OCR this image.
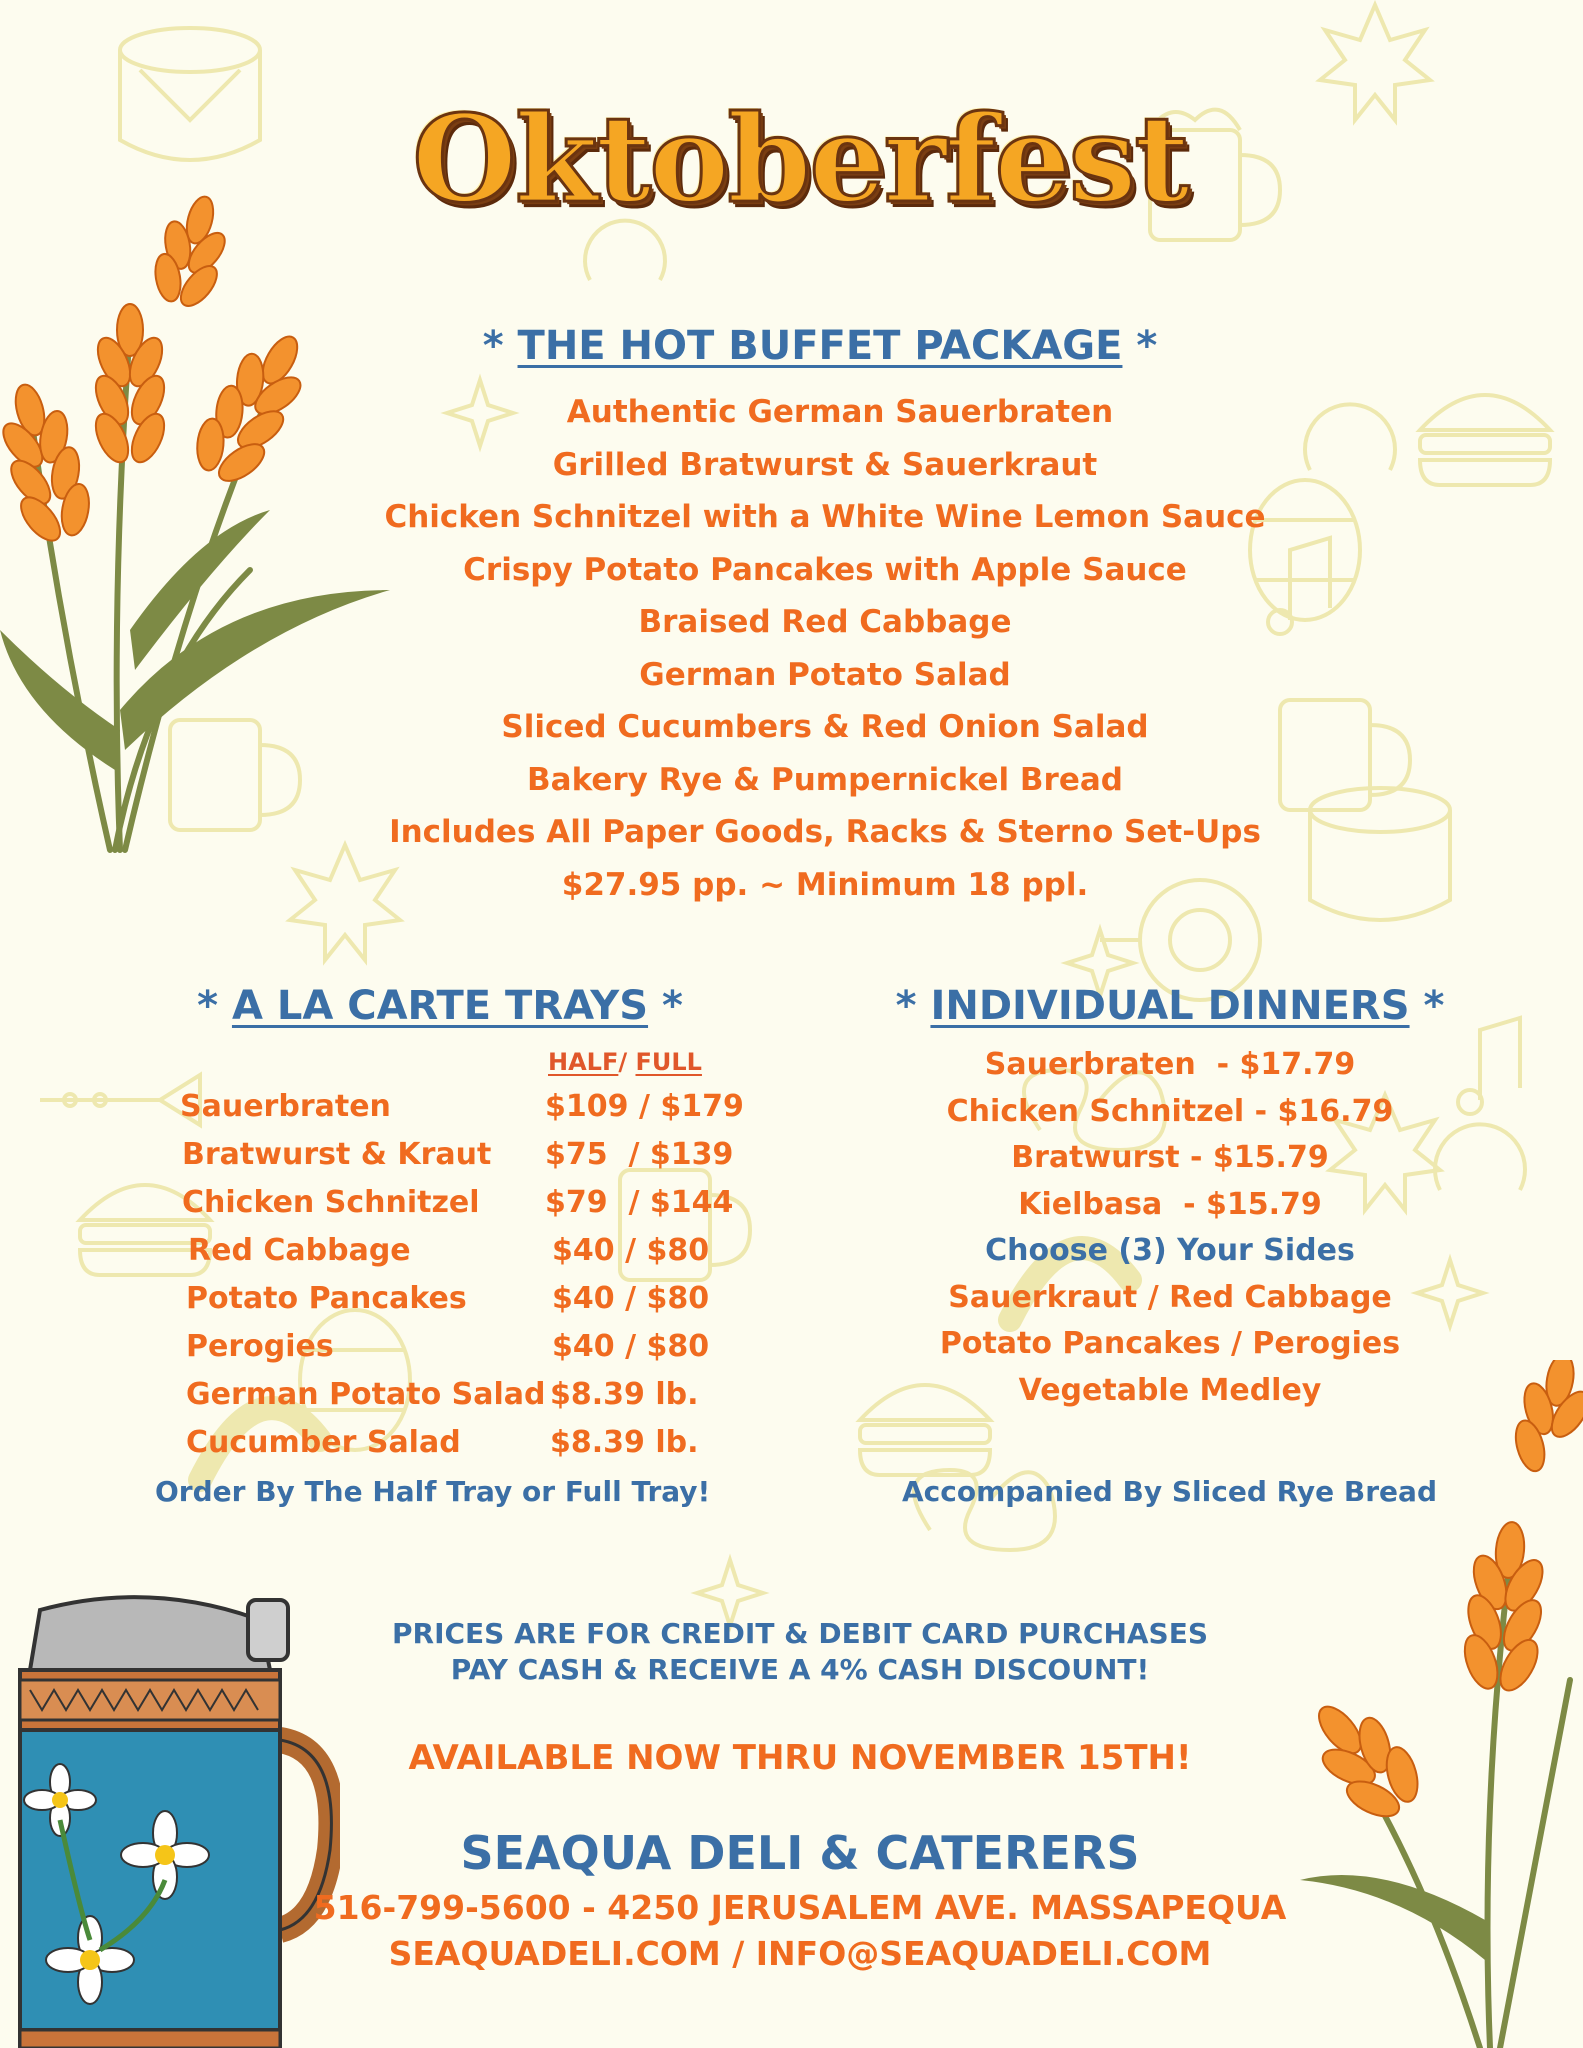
Oktoberfest
* THE HOT BUFFET PACKAGE *
Authentic German Sauerbraten
Grilled Bratwurst & Sauerkraut
Chicken Schnitzel with a White Wine Lemon Sauce
Crispy Potato Pancakes with Apple Sauce
Braised Red Cabbage
German Potato Salad
Sliced Cucumbers & Red Onion Salad
Bakery Rye & Pumpernickel Bread
Includes All Paper Goods, Racks & Sterno Set-Ups
$27.95 pp. ~ Minimum 18 ppl.
* A LA CARTE TRAYS *
HALF/ FULL
Sauerbraten	$109 / $179
Bratwurst & Kraut $75  / $139
Chicken Schnitzel $79  / $144
Red Cabbage	$40 / $80
Potato Pancakes	$40 / $80
Perogies	$40 / $80
German Potato Salad $8.39 lb.
Cucumber Salad	$8.39 lb.
Order By The Half Tray or Full Tray!
* INDIVIDUAL DINNERS *
Sauerbraten  - $17.79
Chicken Schnitzel - $16.79
Bratwurst - $15.79
Kielbasa  - $15.79
Choose (3) Your Sides
Sauerkraut / Red Cabbage
Potato Pancakes / Perogies
Vegetable Medley
Accompanied By Sliced Rye Bread
PRICES ARE FOR CREDIT & DEBIT CARD PURCHASES
PAY CASH & RECEIVE A 4% CASH DISCOUNT!
AVAILABLE NOW THRU NOVEMBER 15TH!
SEAQUA DELI & CATERERS
516-799-5600 - 4250 JERUSALEM AVE. MASSAPEQUA
SEAQUADELI.COM / INFO@SEAQUADELI.COM
